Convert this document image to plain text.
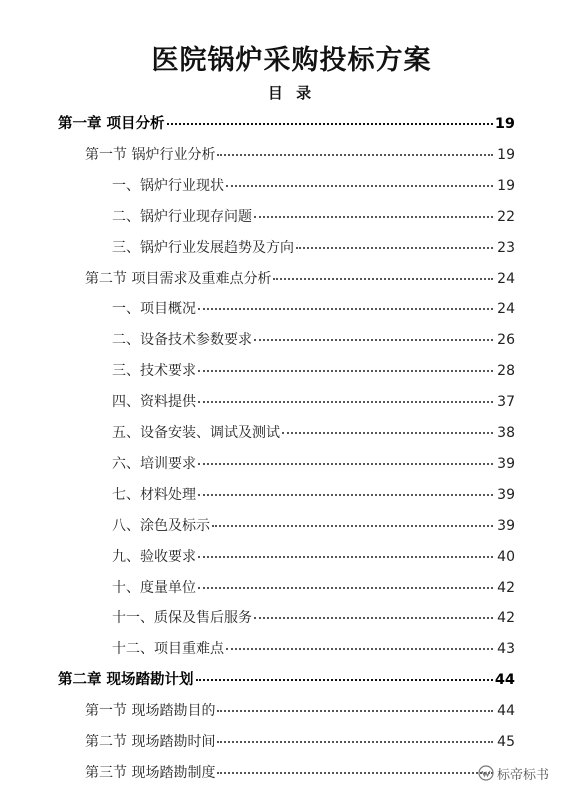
医院锅炉采购投标方案
目 录
第一章 项目分析	19
第一节 锅炉行业分析	19
一、锅炉行业现状	19
二、锅炉行业现存问题	22
三、锅炉行业发展趋势及方向	23
第二节 项目需求及重难点分析	24
一、项目概况	24
二、设备技术参数要求	26
三、技术要求	28
四、资料提供	37
五、设备安装、调试及测试	38
六、培训要求	39
七、材料处理	39
八、涂色及标示	39
九、验收要求	40
十、度量单位	42
十一、质保及售后服务	42
十二、项目重难点	43
第二章 现场踏勘计划	44
第一节 现场踏勘目的	44
第二节 现场踏勘时间	45
第三节 现场踏勘制度	标帝标书
